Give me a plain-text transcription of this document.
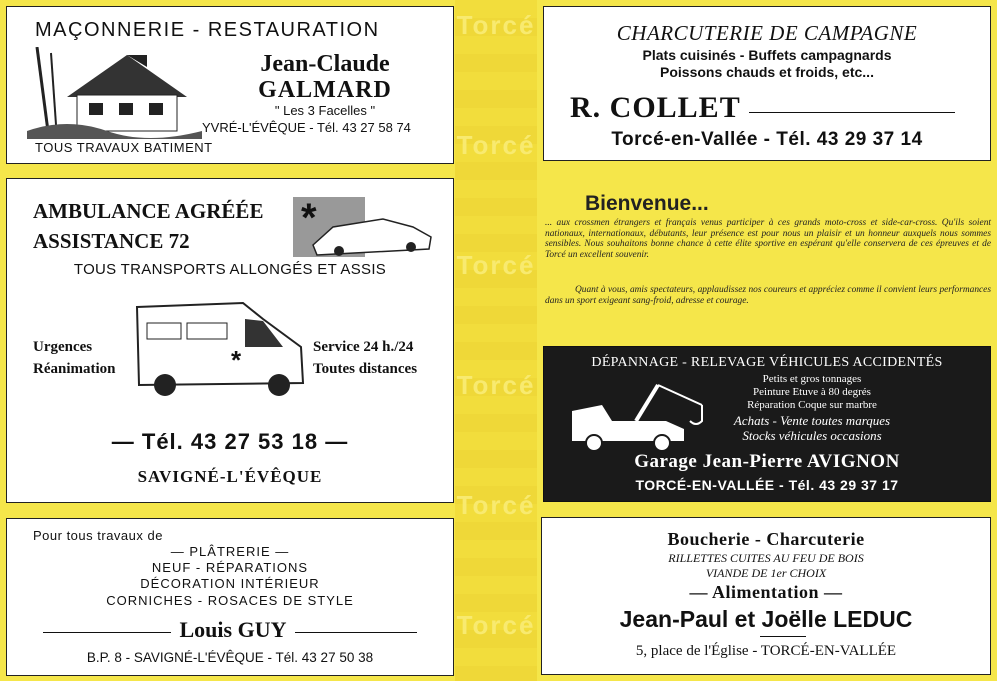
Torcé
Torcé
Torcé
Torcé
Torcé
Torcé
MAÇONNERIE - RESTAURATION
Jean-Claude
GALMARD
" Les 3 Facelles "
YVRÉ-L'ÉVÊQUE - Tél. 43 27 58 74
TOUS TRAVAUX BATIMENT
AMBULANCE AGRÉÉE
ASSISTANCE 72
*
TOUS TRANSPORTS ALLONGÉS ET ASSIS
*
Urgences
Réanimation
Service 24 h./24
Toutes distances
— Tél. 43 27 53 18 —
SAVIGNÉ-L'ÉVÊQUE
Pour tous travaux de
— PLÂTRERIE —
NEUF - RÉPARATIONS
DÉCORATION INTÉRIEUR
CORNICHES - ROSACES DE STYLE
Louis GUY
B.P. 8 - SAVIGNÉ-L'ÉVÊQUE - Tél. 43 27 50 38
CHARCUTERIE DE CAMPAGNE
Plats cuisinés - Buffets campagnards
Poissons chauds et froids, etc...
R. COLLET
Torcé-en-Vallée - Tél. 43 29 37 14
Bienvenue...
... aux crossmen étrangers et français venus participer à ces grands moto-cross et side-car-cross. Qu'ils soient nationaux, internationaux, débutants, leur présence est pour nous un plaisir et un honneur auxquels nous sommes sensibles. Nous souhaitons bonne chance à cette élite sportive en espérant qu'elle conservera de ces épreuves et de Torcé un excellent souvenir.
Quant à vous, amis spectateurs, applaudissez nos coureurs et appréciez comme il convient leurs performances dans un sport exigeant sang-froid, adresse et courage.
DÉPANNAGE - RELEVAGE VÉHICULES ACCIDENTÉS
Petits et gros tonnages
Peinture Etuve à 80 degrés
Réparation Coque sur marbre
Achats - Vente toutes marques
Stocks véhicules occasions
Garage Jean-Pierre AVIGNON
TORCÉ-EN-VALLÉE - Tél. 43 29 37 17
Boucherie - Charcuterie
RILLETTES CUITES AU FEU DE BOIS
VIANDE DE 1er CHOIX
— Alimentation —
Jean-Paul et Joëlle LEDUC
5, place de l'Église - TORCÉ-EN-VALLÉE
